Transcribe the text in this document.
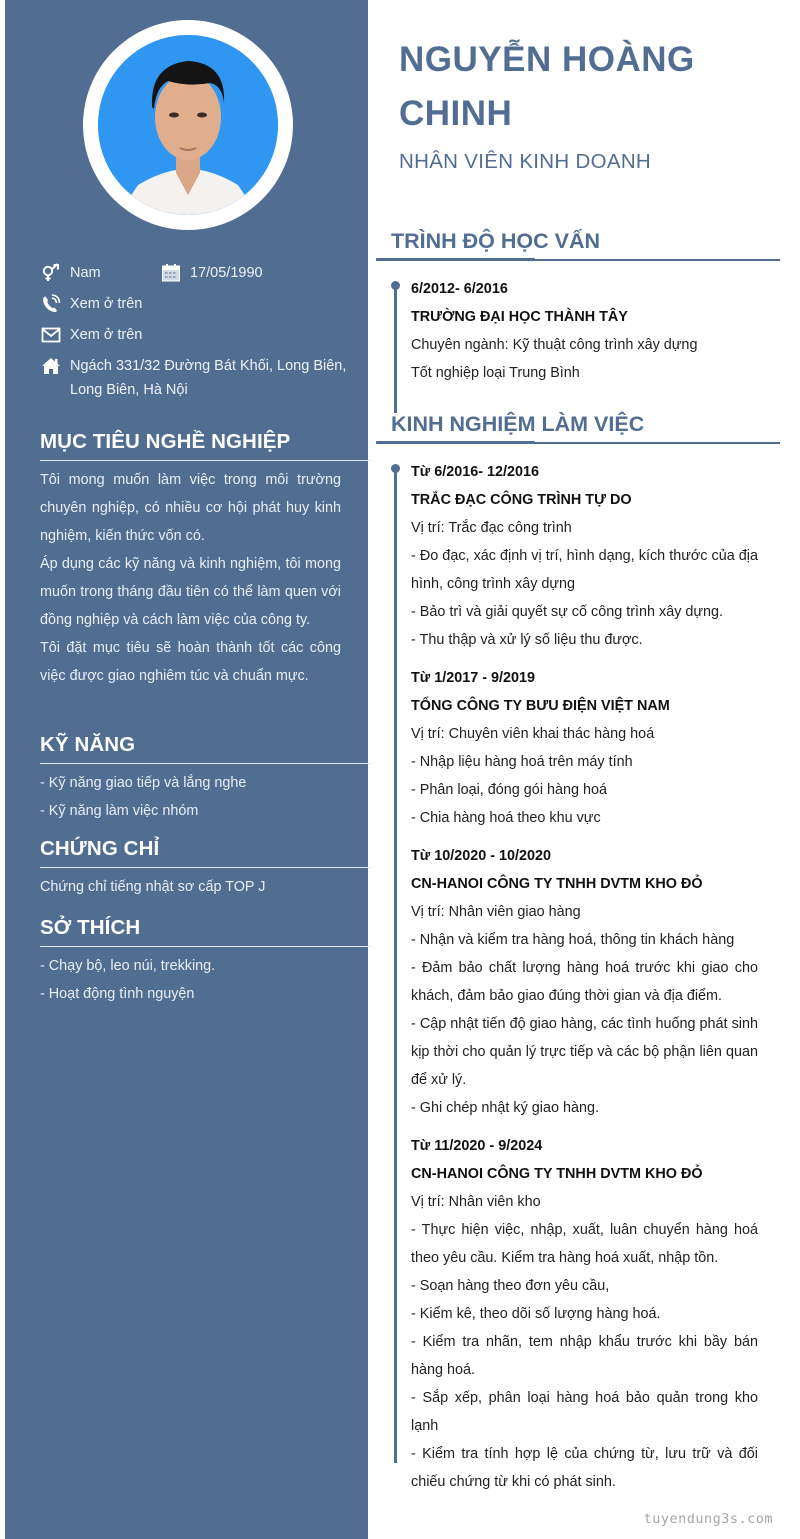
Nam	17/05/1990
Xem ở trên
Xem ở trên
Ngách 331/32 Đường Bát Khối, Long Biên, Long Biên, Hà Nội
MỤC TIÊU NGHỀ NGHIỆP
Tôi mong muốn làm việc trong môi trường chuyên nghiệp, có nhiều cơ hội phát huy kinh nghiệm, kiến thức vốn có.
Áp dụng các kỹ năng và kinh nghiệm, tôi mong muốn trong tháng đầu tiên có thể làm quen với đồng nghiệp và cách làm việc của công ty.
Tôi đặt mục tiêu sẽ hoàn thành tốt các công việc được giao nghiêm túc và chuẩn mực.
KỸ NĂNG
- Kỹ năng giao tiếp và lắng nghe
- Kỹ năng làm việc nhóm
CHỨNG CHỈ
Chứng chỉ tiếng nhật sơ cấp TOP J
SỞ THÍCH
- Chạy bộ, leo núi, trekking.
- Hoạt động tình nguyện
NGUYỄN HOÀNG
CHINH
NHÂN VIÊN KINH DOANH
TRÌNH ĐỘ HỌC VẤN
6/2012- 6/2016
TRƯỜNG ĐẠI HỌC THÀNH TÂY
Chuyên ngành: Kỹ thuật công trình xây dựng
Tốt nghiệp loại Trung Bình
KINH NGHIỆM LÀM VIỆC
Từ 6/2016- 12/2016
TRẮC ĐẠC CÔNG TRÌNH TỰ DO
Vị trí: Trắc đạc công trình
- Đo đạc, xác định vị trí, hình dạng, kích thước của địa hình, công trình xây dựng
- Bảo trì và giải quyết sự cố công trình xây dựng.
- Thu thập và xử lý số liệu thu được.
Từ 1/2017 - 9/2019
TỔNG CÔNG TY BƯU ĐIỆN VIỆT NAM
Vị trí: Chuyên viên khai thác hàng hoá
- Nhập liệu hàng hoá trên máy tính
- Phân loại, đóng gói hàng hoá
- Chia hàng hoá theo khu vực
Từ 10/2020 - 10/2020
CN-HANOI CÔNG TY TNHH DVTM KHO ĐỎ
Vị trí: Nhân viên giao hàng
- Nhận và kiểm tra hàng hoá, thông tin khách hàng
- Đảm bảo chất lượng hàng hoá trước khi giao cho khách, đảm bảo giao đúng thời gian và địa điểm.
- Cập nhật tiến độ giao hàng, các tình huống phát sinh kịp thời cho quản lý trực tiếp và các bộ phận liên quan để xử lý.
- Ghi chép nhật ký giao hàng.
Từ 11/2020 - 9/2024
CN-HANOI CÔNG TY TNHH DVTM KHO ĐỎ
Vị trí: Nhân viên kho
- Thực hiện việc, nhập, xuất, luân chuyển hàng hoá theo yêu cầu. Kiểm tra hàng hoá xuất, nhập tồn.
- Soạn hàng theo đơn yêu cầu,
- Kiểm kê, theo dõi số lượng hàng hoá.
- Kiểm tra nhãn, tem nhập khẩu trước khi bầy bán hàng hoá.
- Sắp xếp, phân loại hàng hoá bảo quản trong kho lạnh
- Kiểm tra tính hợp lệ của chứng từ, lưu trữ và đối chiếu chứng từ khi có phát sinh.
tuyendung3s.com
